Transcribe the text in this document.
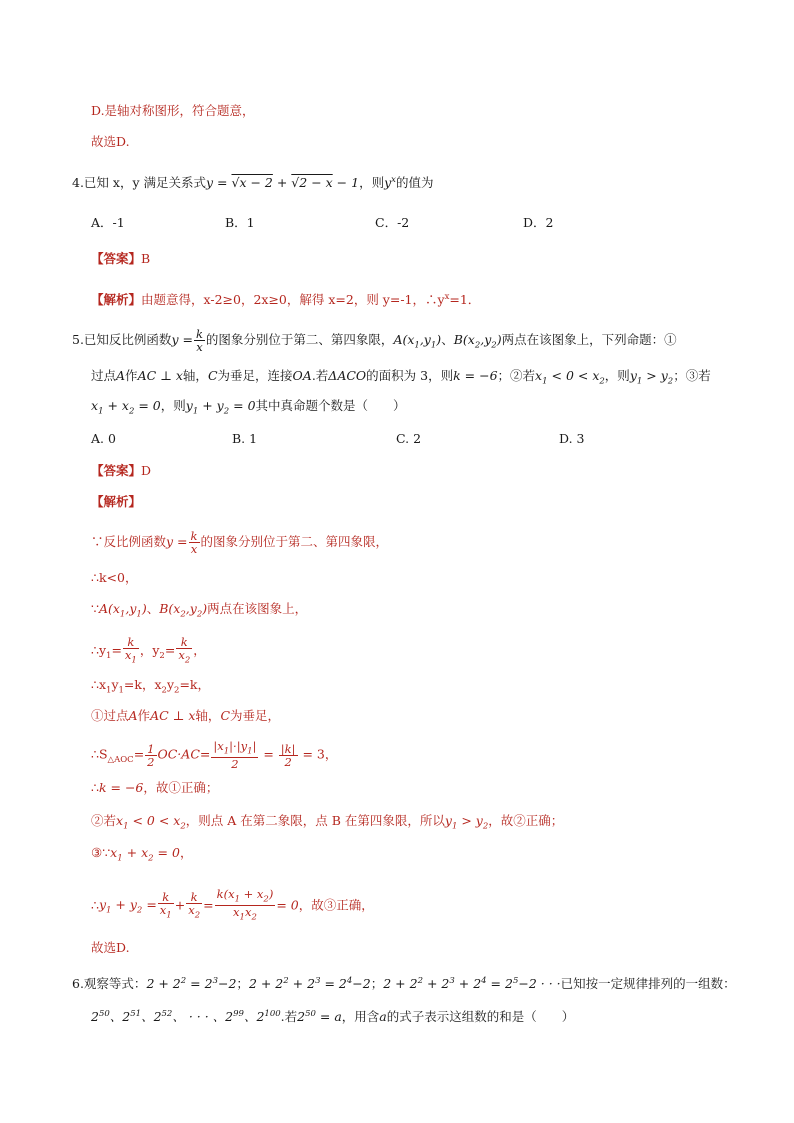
D.是轴对称图形，符合题意，
故选D.
4.已知 x，y 满足关系式y = √x − 2 + √2 − x − 1，则$y^x$的值为
A．-1	B．1	C．-2	D．2
【答案】B
【解析】由题意得，x-2≥0，2x≥0，解得 x=2，则 y=-1，$\therefore y^x=1$．
5.已知反比例函数$y = \frac{k}{x}$ 的图象分别位于第二、第四象限，$A(x_1,y_1)$、$B(x_2,y_2)$两点在该图象上，下列命题：①
过点A作AC ⊥ x轴，C为垂足，连接OA.若ΔACO的面积为 3，则k = −6；②若$x_1 < 0 < x_2$，则$y_1 > y_2$；③若
$x_1 + x_2 = 0$，则$y_1 + y_2 = 0$其中真命题个数是（　　）
A. 0	B. 1	C. 2	D. 3
【答案】D
【解析】
∵反比例函数$y = \frac{k}{x}$ 的图象分别位于第二、第四象限，
∴k<0，
$\because A(x_1,y_1)$、$B(x_2,y_2)$两点在该图象上，
$\therefore y_1= \frac{k}{x_1}$ ，$y_2= \frac{k}{x_2}$ ，
$\therefore x_1y_1=k$，$x_2y_2=k$，
①过点A作AC ⊥ x轴，C为垂足，
$\therefore S_{\triangle AOC}= \frac{1}{2} OC\cdot AC= \frac{|x_1|\cdot|y_1|}{2} = \frac{|k|}{2} = 3$，
∴k = −6，故①正确；
②若$x_1 < 0 < x_2$，则点 A 在第二象限，点 B 在第四象限，所以$y_1 > y_2$，故②正确；
$③\because x_1 + x_2 = 0$，
$\therefore y_1 + y_2 = \frac{k}{x_1} + \frac{k}{x_2} = \frac{k(x_1 + x_2)}{x_1x_2} = 0$，故③正确，
故选D.
6.观察等式：$2 + 2^2 = 2^3-2$；$2 + 2^2 + 2^3 = 2^4-2$；$2 + 2^2 + 2^3 + 2^4 = 2^5-2$ · · ·已知按一定规律排列的一组数：
$2^{50}$、$2^{51}$、$2^{52}$、 · · · 、$2^{99}$、$2^{100}$.若$2^{50} = a$，用含a的式子表示这组数的和是（　　）
